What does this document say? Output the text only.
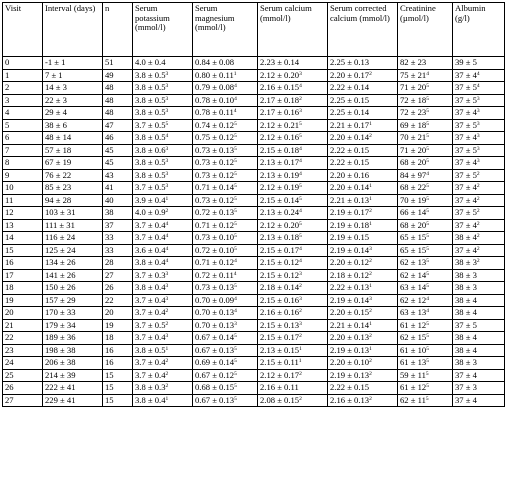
Visit	Interval (days)	n	Serum potassium (mmol/l)	Serum magnesium (mmol/l)	Serum calcium (mmol/l)	Serum corrected calcium (mmol/l)	Creatinine (µmol/l)	Albumin (g/l)
0	-1 ± 1	51	4.0 ± 0.4	0.84 ± 0.08	2.23 ± 0.14	2.25 ± 0.13	82 ± 23	39 ± 5
1	7 ± 1	49	$3.8 \pm 0.5^3$	$0.80 \pm 0.11^1$	$2.12 \pm 0.20^3$	$2.20 \pm 0.17^2$	$75 \pm 21^4$	$37 \pm 4^4$
2	14 ± 3	48	$3.8 \pm 0.5^3$	$0.79 \pm 0.08^4$	$2.16 \pm 0.15^4$	2.22 ± 0.14	$71 \pm 20^5$	$37 \pm 5^4$
3	22 ± 3	48	$3.8 \pm 0.5^3$	$0.78 \pm 0.10^4$	$2.17 \pm 0.18^2$	2.25 ± 0.15	$72 \pm 18^5$	$37 \pm 5^3$
4	29 ± 4	48	$3.8 \pm 0.5^3$	$0.78 \pm 0.11^4$	$2.17 \pm 0.16^3$	2.25 ± 0.14	$72 \pm 23^5$	$37 \pm 4^3$
5	38 ± 6	47	$3.7 \pm 0.5^5$	$0.74 \pm 0.12^5$	$2.12 \pm 0.21^5$	$2.21 \pm 0.17^1$	$69 \pm 18^5$	$37 \pm 5^3$
6	48 ± 14	46	$3.8 \pm 0.5^4$	$0.75 \pm 0.12^5$	$2.12 \pm 0.16^5$	$2.20 \pm 0.14^2$	$70 \pm 21^5$	$37 \pm 4^3$
7	57 ± 18	45	$3.8 \pm 0.6^3$	$0.73 \pm 0.13^5$	$2.15 \pm 0.18^4$	2.22 ± 0.15	$71 \pm 20^5$	$37 \pm 5^3$
8	67 ± 19	45	$3.8 \pm 0.5^3$	$0.73 \pm 0.12^5$	$2.13 \pm 0.17^4$	2.22 ± 0.15	$68 \pm 20^5$	$37 \pm 4^3$
9	76 ± 22	43	$3.8 \pm 0.5^3$	$0.73 \pm 0.12^5$	$2.13 \pm 0.19^4$	2.20 ± 0.16	$84 \pm 97^4$	$37 \pm 5^2$
10	85 ± 23	41	$3.7 \pm 0.5^3$	$0.71 \pm 0.14^5$	$2.12 \pm 0.19^5$	$2.20 \pm 0.14^1$	$68 \pm 22^5$	$37 \pm 4^2$
11	94 ± 28	40	$3.9 \pm 0.4^1$	$0.73 \pm 0.12^5$	$2.15 \pm 0.14^5$	$2.21 \pm 0.13^1$	$70 \pm 19^5$	$37 \pm 4^2$
12	103 ± 31	38	$4.0 \pm 0.9^2$	$0.72 \pm 0.13^5$	$2.13 \pm 0.24^4$	$2.19 \pm 0.17^2$	$66 \pm 14^5$	$37 \pm 5^2$
13	111 ± 31	37	$3.7 \pm 0.4^4$	$0.71 \pm 0.12^5$	$2.12 \pm 0.20^5$	$2.19 \pm 0.18^1$	$68 \pm 20^5$	$37 \pm 4^2$
14	116 ± 24	33	$3.7 \pm 0.4^4$	$0.73 \pm 0.10^5$	$2.13 \pm 0.18^5$	2.19 ± 0.15	$65 \pm 15^5$	$38 \pm 4^2$
15	125 ± 24	33	$3.6 \pm 0.4^4$	$0.72 \pm 0.10^5$	$2.15 \pm 0.17^4$	$2.19 \pm 0.14^3$	$65 \pm 15^5$	$37 \pm 4^2$
16	134 ± 26	28	$3.8 \pm 0.4^4$	$0.71 \pm 0.12^4$	$2.15 \pm 0.12^4$	$2.20 \pm 0.12^2$	$62 \pm 13^5$	$38 \pm 3^2$
17	141 ± 26	27	$3.7 \pm 0.3^3$	$0.72 \pm 0.11^4$	$2.15 \pm 0.12^3$	$2.18 \pm 0.12^2$	$62 \pm 14^5$	38 ± 3
18	150 ± 26	26	$3.8 \pm 0.4^3$	$0.73 \pm 0.13^5$	$2.18 \pm 0.14^2$	$2.22 \pm 0.13^1$	$63 \pm 14^5$	38 ± 3
19	157 ± 29	22	$3.7 \pm 0.4^3$	$0.70 \pm 0.09^4$	$2.15 \pm 0.16^3$	$2.19 \pm 0.14^3$	$62 \pm 12^4$	38 ± 4
20	170 ± 33	20	$3.7 \pm 0.4^2$	$0.70 \pm 0.13^4$	$2.16 \pm 0.16^2$	$2.20 \pm 0.15^2$	$63 \pm 13^4$	38 ± 4
21	179 ± 34	19	$3.7 \pm 0.5^2$	$0.70 \pm 0.13^3$	$2.15 \pm 0.13^3$	$2.21 \pm 0.14^1$	$61 \pm 12^5$	37 ± 5
22	189 ± 36	18	$3.7 \pm 0.4^3$	$0.67 \pm 0.14^5$	$2.15 \pm 0.17^2$	$2.20 \pm 0.13^2$	$62 \pm 15^5$	38 ± 4
23	198 ± 38	16	$3.8 \pm 0.5^1$	$0.67 \pm 0.13^5$	$2.13 \pm 0.15^1$	$2.19 \pm 0.13^1$	$61 \pm 10^5$	38 ± 4
24	206 ± 38	16	$3.7 \pm 0.4^2$	$0.69 \pm 0.14^5$	$2.15 \pm 0.11^1$	$2.20 \pm 0.10^2$	$61 \pm 13^5$	38 ± 3
25	214 ± 39	15	$3.7 \pm 0.4^2$	$0.67 \pm 0.12^5$	$2.12 \pm 0.17^2$	$2.19 \pm 0.13^2$	$59 \pm 11^5$	37 ± 4
26	222 ± 41	15	$3.8 \pm 0.3^2$	$0.68 \pm 0.15^5$	2.16 ± 0.11	2.22 ± 0.15	$61 \pm 12^5$	37 ± 3
27	229 ± 41	15	$3.8 \pm 0.4^1$	$0.67 \pm 0.13^5$	$2.08 \pm 0.15^2$	$2.16 \pm 0.13^2$	$62 \pm 11^5$	37 ± 4
